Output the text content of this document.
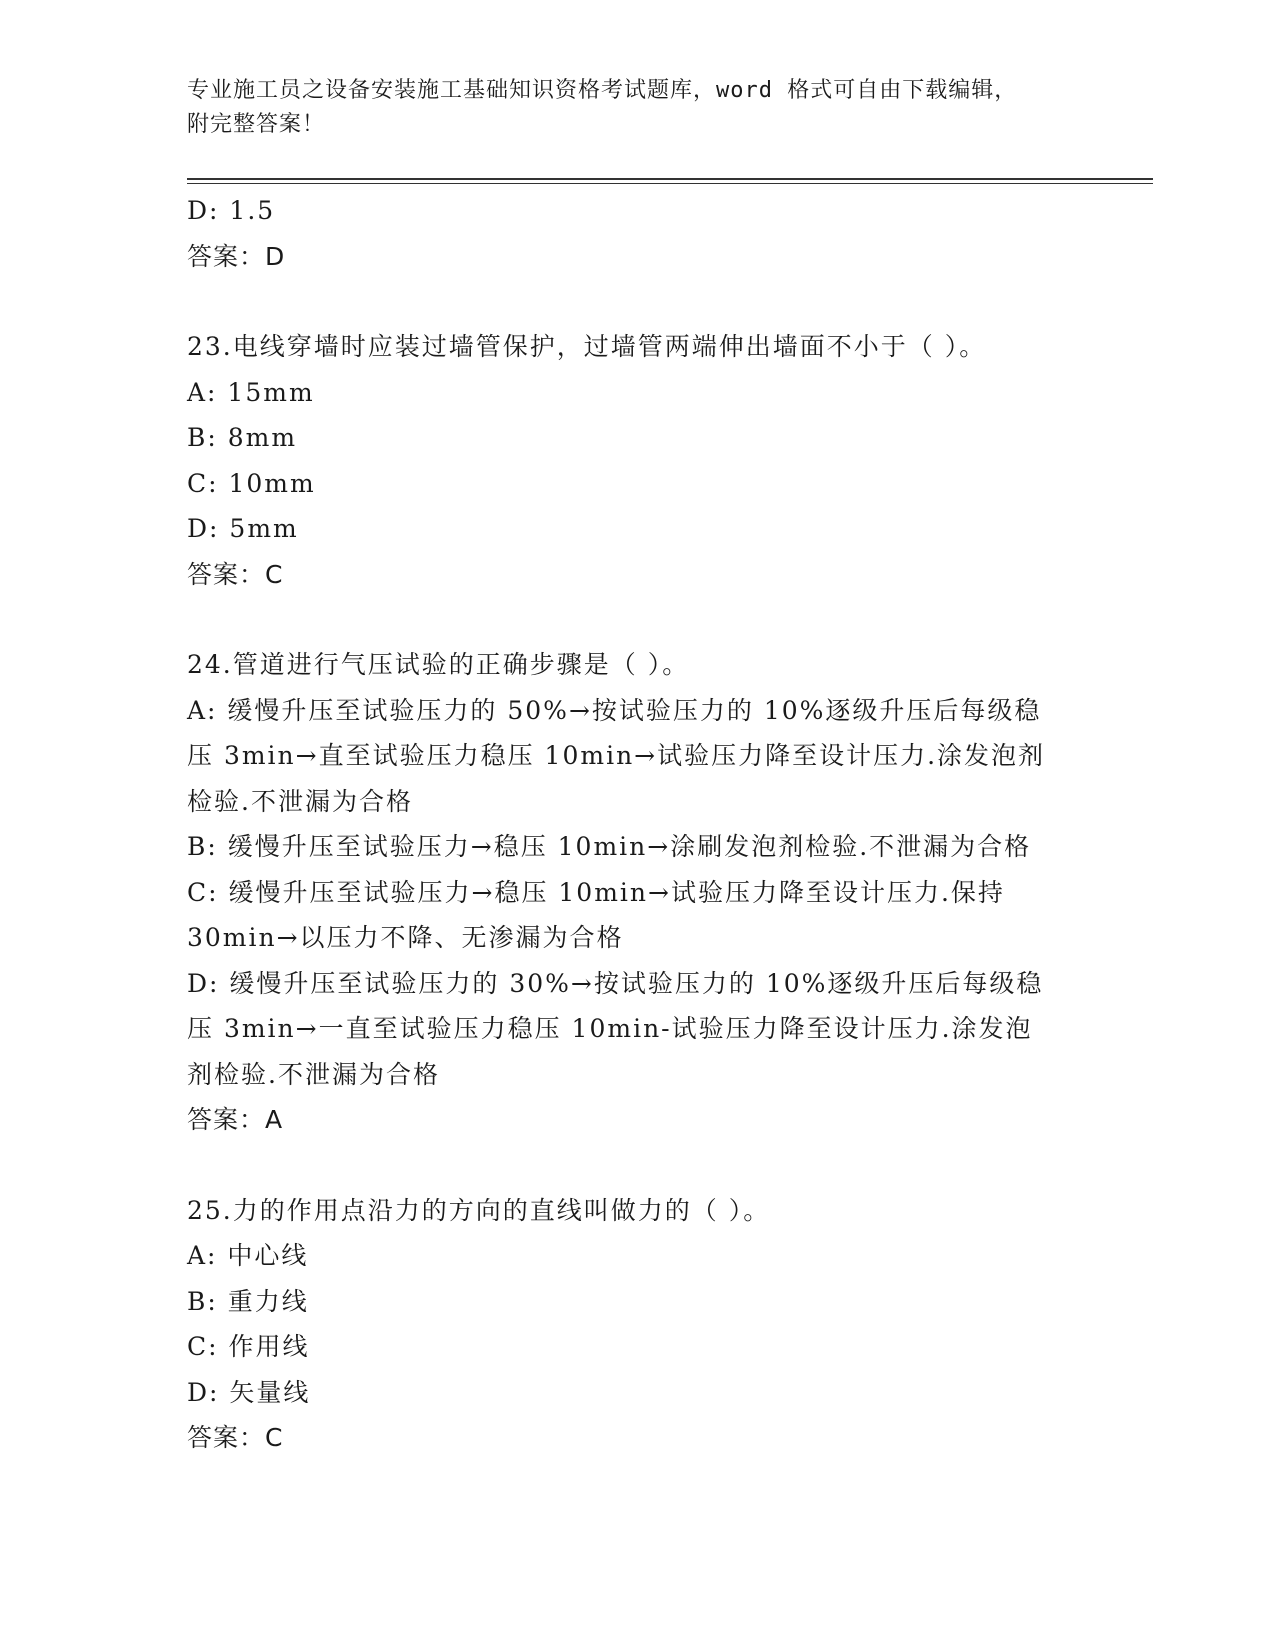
专业施工员之设备安装施工基础知识资格考试题库，word 格式可自由下载编辑，
附完整答案！
D: 1.5
答案：D
23.电线穿墙时应装过墙管保护，过墙管两端伸出墙面不小于（ ）。
A: 15mm
B: 8mm
C: 10mm
D: 5mm
答案：C
24.管道进行气压试验的正确步骤是（ ）。
A: 缓慢升压至试验压力的 50%→按试验压力的 10%逐级升压后每级稳
压 3min→直至试验压力稳压 10min→试验压力降至设计压力.涂发泡剂
检验.不泄漏为合格
B: 缓慢升压至试验压力→稳压 10min→涂刷发泡剂检验.不泄漏为合格
C: 缓慢升压至试验压力→稳压 10min→试验压力降至设计压力.保持
30min→以压力不降、无渗漏为合格
D: 缓慢升压至试验压力的 30%→按试验压力的 10%逐级升压后每级稳
压 3min→一直至试验压力稳压 10min-试验压力降至设计压力.涂发泡
剂检验.不泄漏为合格
答案：A
25.力的作用点沿力的方向的直线叫做力的（ ）。
A: 中心线
B: 重力线
C: 作用线
D: 矢量线
答案：C
